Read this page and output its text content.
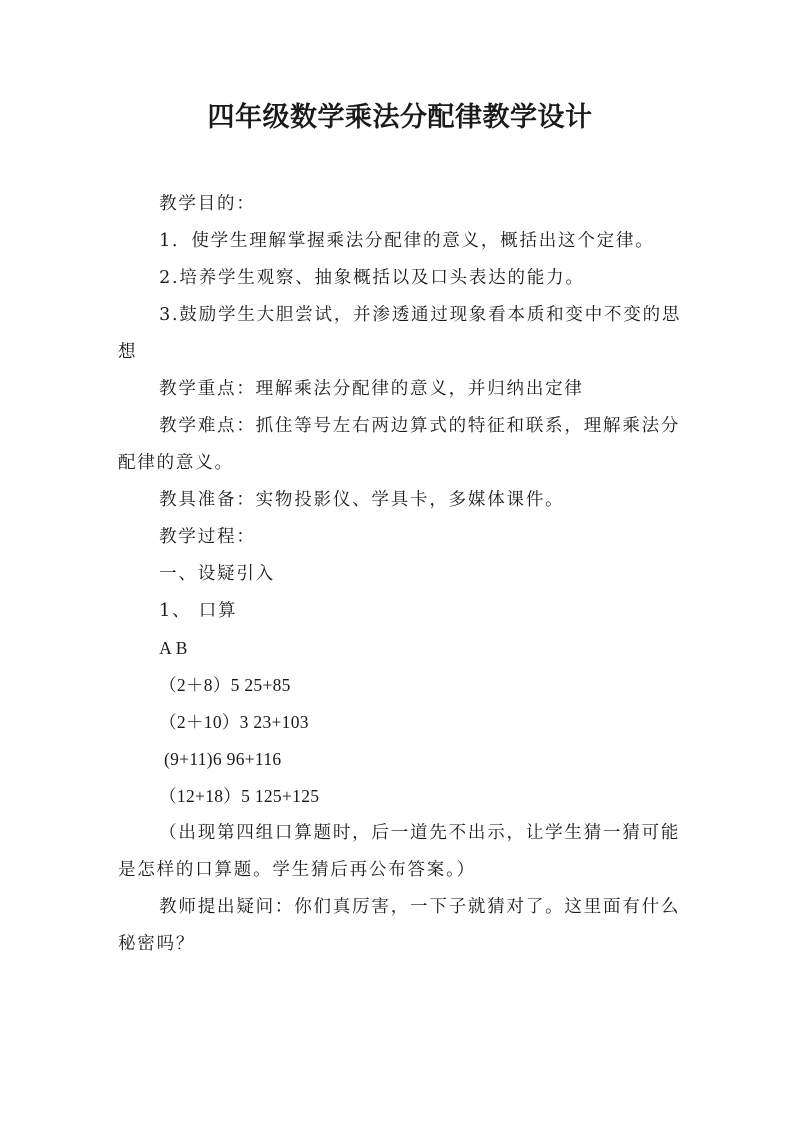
四年级数学乘法分配律教学设计

教学目的：

1．使学生理解掌握乘法分配律的意义，概括出这个定律。

2.培养学生观察、抽象概括以及口头表达的能力。

3.鼓励学生大胆尝试，并渗透通过现象看本质和变中不变的思想

教学重点：理解乘法分配律的意义，并归纳出定律

教学难点：抓住等号左右两边算式的特征和联系，理解乘法分配律的意义。

教具准备：实物投影仪、学具卡，多媒体课件。

教学过程：

一、设疑引入

1、 口算

A B

（2＋8）5 25+85

（2＋10）3 23+103

(9+11)6 96+116

（12+18）5 125+125

（出现第四组口算题时，后一道先不出示，让学生猜一猜可能是怎样的口算题。学生猜后再公布答案。）

教师提出疑问：你们真厉害，一下子就猜对了。这里面有什么秘密吗？
